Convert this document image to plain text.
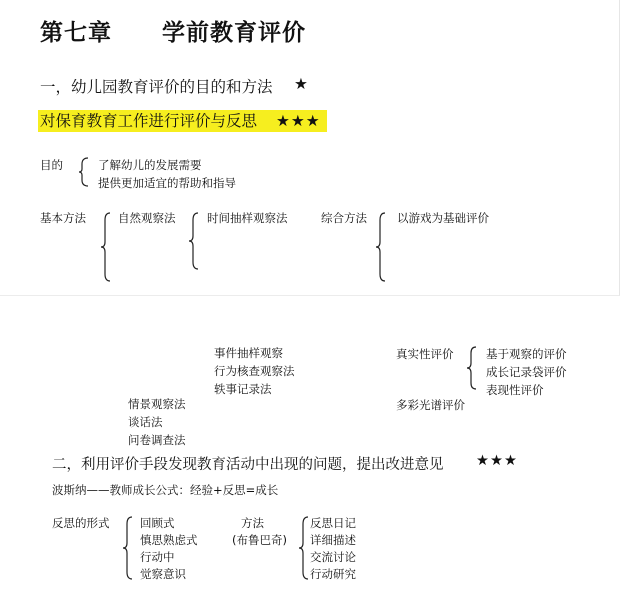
第七章 学前教育评价
一，幼儿园教育评价的目的和方法 ★
对保育教育工作进行评价与反思 ★★★
目的	了解幼儿的发展需要
提供更加适宜的帮助和指导
基本方法	自然观察法	时间抽样观察法	综合方法	以游戏为基础评价
事件抽样观察
行为核查观察法
轶事记录法
情景观察法
谈话法
问卷调查法
真实性评价	基于观察的评价
成长记录袋评价
表现性评价
多彩光谱评价
二，利用评价手段发现教育活动中出现的问题，提出改进意见 ★★★
波斯纳——教师成长公式：经验+反思=成长
反思的形式	回顾式
慎思熟虑式
行动中
觉察意识
方法
(布鲁巴奇)
反思日记
详细描述
交流讨论
行动研究
